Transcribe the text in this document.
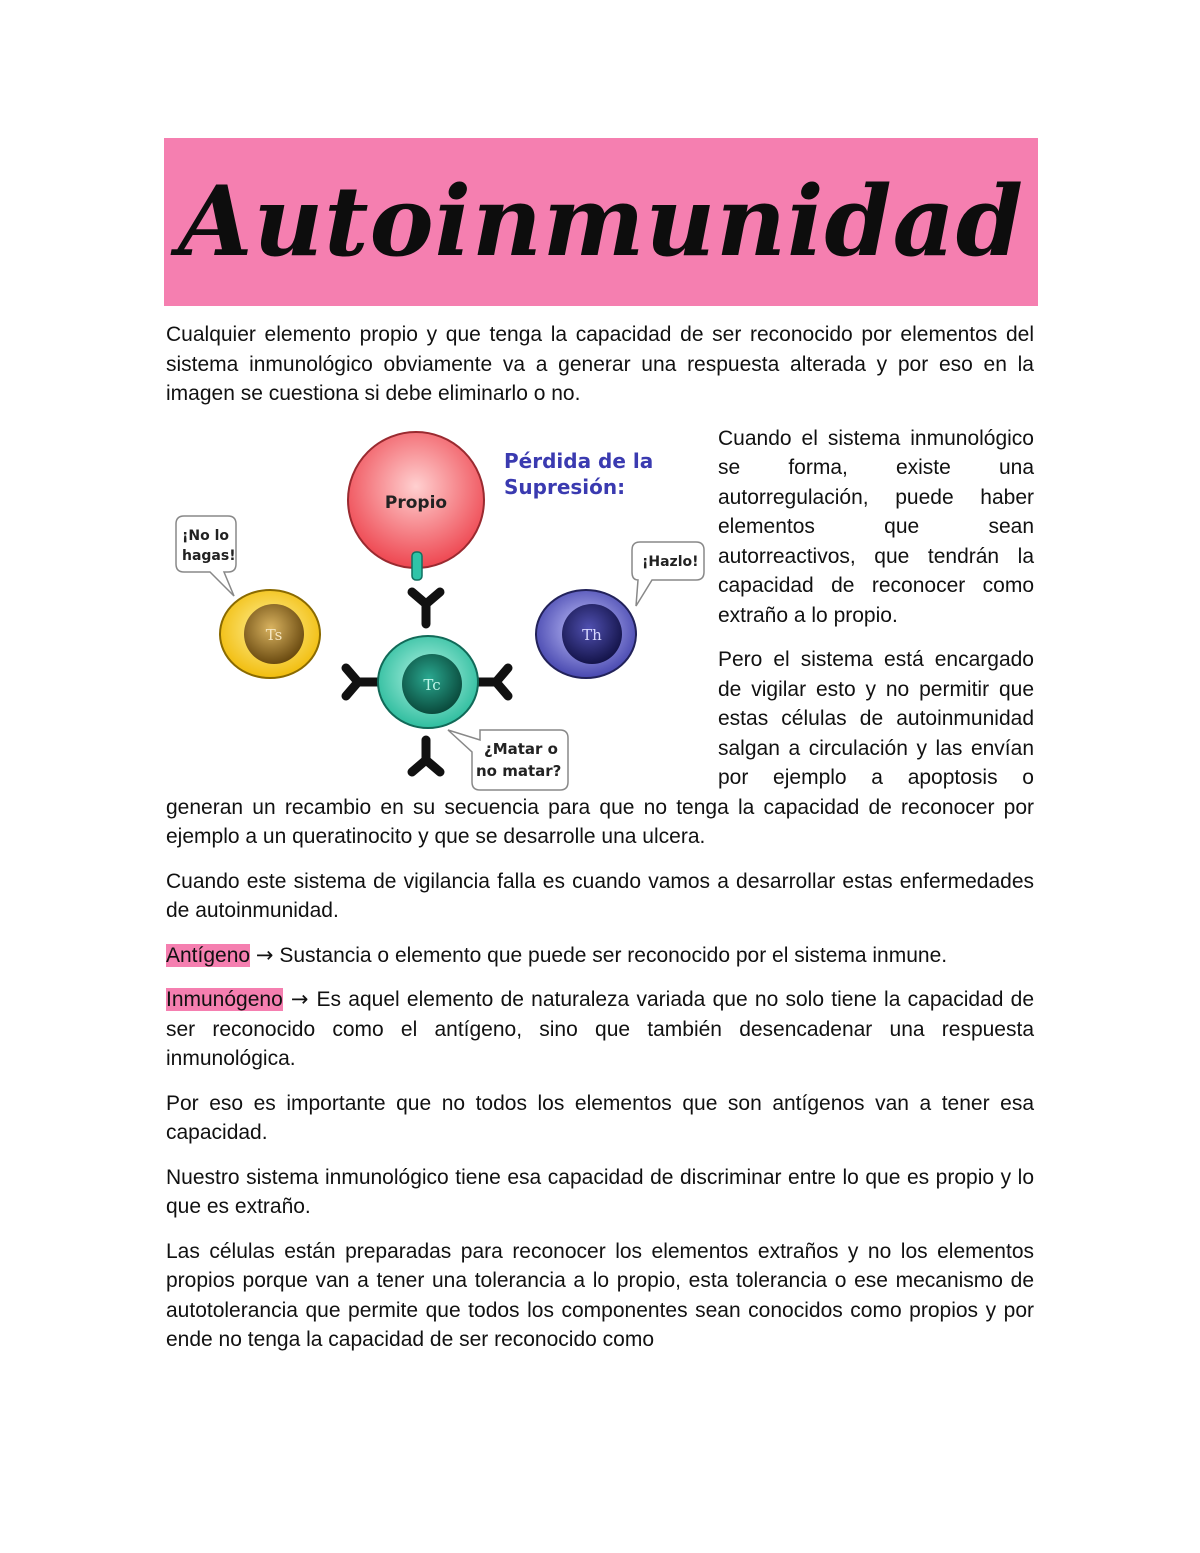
Autoinmunidad

Cualquier elemento propio y que tenga la capacidad de ser reconocido por elementos del sistema inmunológico obviamente va a generar una respuesta alterada y por eso en la imagen se cuestiona si debe eliminarlo o no.

Pérdida de la
Supresión:
Propio
¡No lo
hagas!	¡Hazlo!
Ts	Th
Tc
¿Matar o
no matar?

Cuando el sistema inmunológico se forma, existe una autorregulación, puede haber elementos que sean autorreactivos, que tendrán la capacidad de reconocer como extraño a lo propio.

Pero el sistema está encargado de vigilar esto y no permitir que estas células de autoinmunidad salgan a circulación y las envían por ejemplo a apoptosis o generan un recambio en su secuencia para que no tenga la capacidad de reconocer por ejemplo a un queratinocito y que se desarrolle una ulcera.

Cuando este sistema de vigilancia falla es cuando vamos a desarrollar estas enfermedades de autoinmunidad.

Antígeno → Sustancia o elemento que puede ser reconocido por el sistema inmune.

Inmunógeno → Es aquel elemento de naturaleza variada que no solo tiene la capacidad de ser reconocido como el antígeno, sino que también desencadenar una respuesta inmunológica.

Por eso es importante que no todos los elementos que son antígenos van a tener esa capacidad.

Nuestro sistema inmunológico tiene esa capacidad de discriminar entre lo que es propio y lo que es extraño.

Las células están preparadas para reconocer los elementos extraños y no los elementos propios porque van a tener una tolerancia a lo propio, esta tolerancia o ese mecanismo de autotolerancia que permite que todos los componentes sean conocidos como propios y por ende no tenga la capacidad de ser reconocido como
